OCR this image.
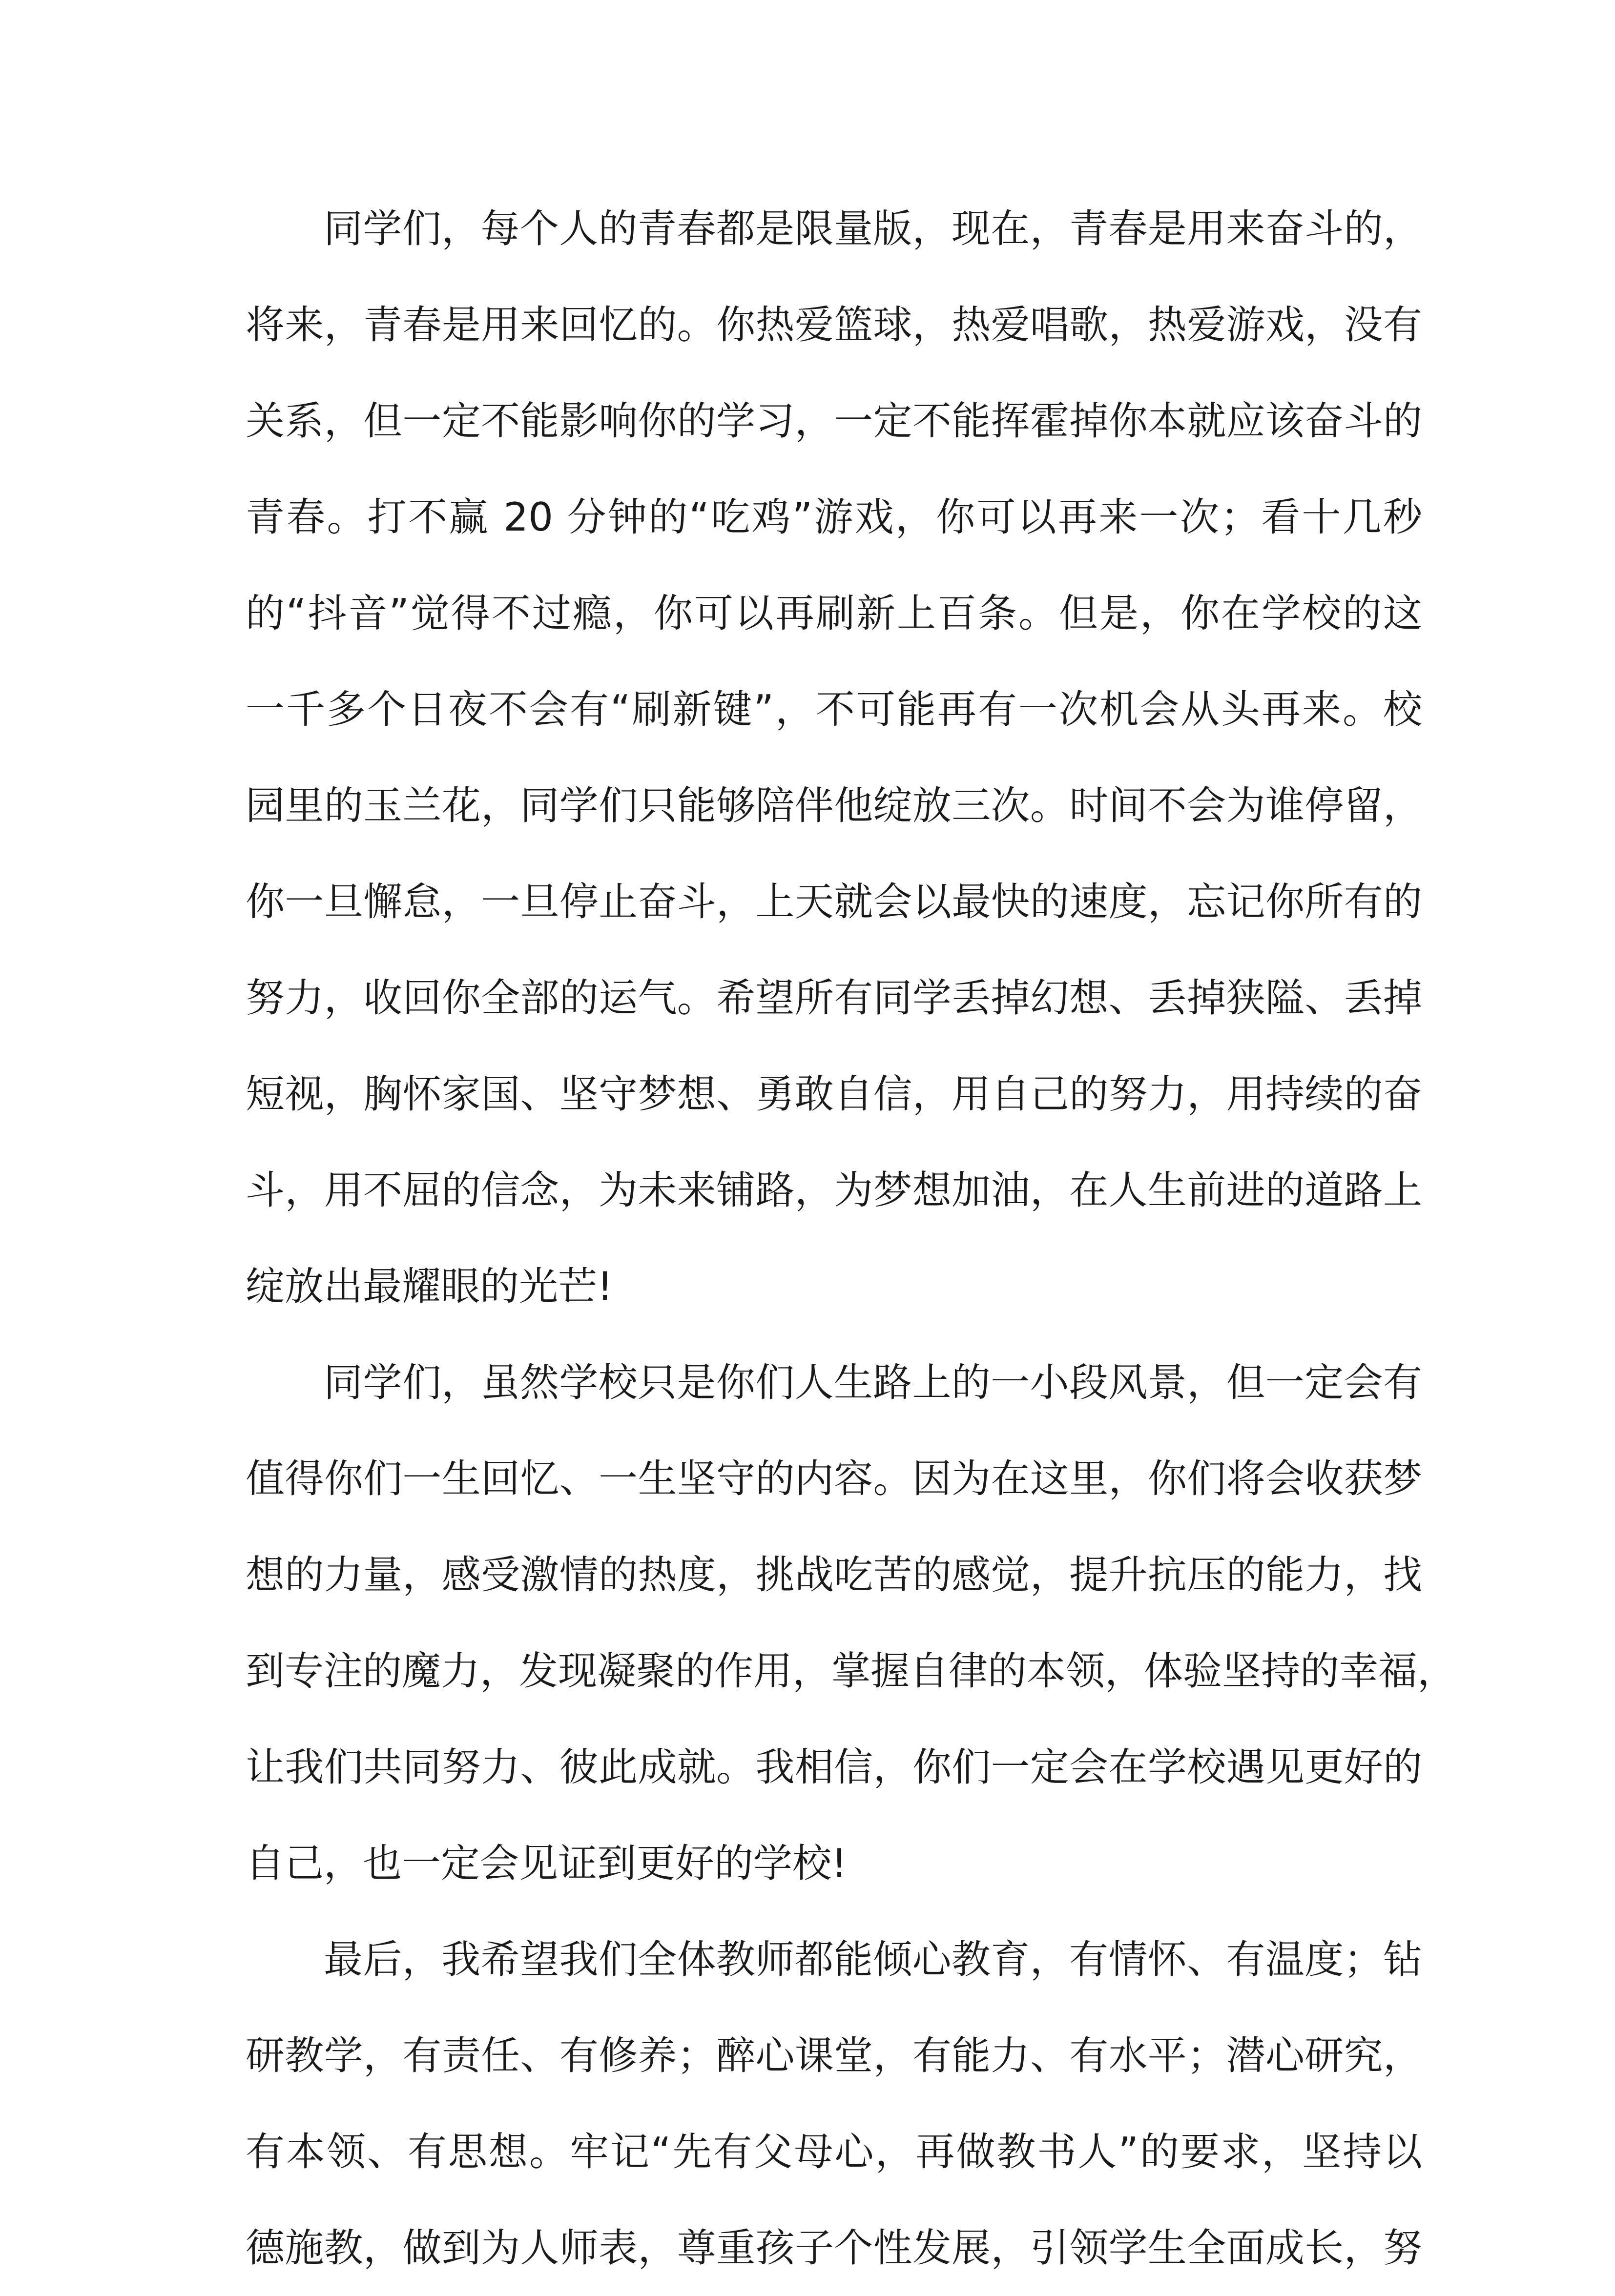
同学们，每个人的青春都是限量版，现在，青春是用来奋斗的，
将来，青春是用来回忆的。你热爱篮球，热爱唱歌，热爱游戏，没有
关系，但一定不能影响你的学习，一定不能挥霍掉你本就应该奋斗的
青春。打不赢 20 分钟的“吃鸡”游戏，你可以再来一次；看十几秒
的“抖音”觉得不过瘾，你可以再刷新上百条。但是，你在学校的这
一千多个日夜不会有“刷新键”，不可能再有一次机会从头再来。校
园里的玉兰花，同学们只能够陪伴他绽放三次。时间不会为谁停留，
你一旦懈怠，一旦停止奋斗，上天就会以最快的速度，忘记你所有的
努力，收回你全部的运气。希望所有同学丢掉幻想、丢掉狭隘、丢掉
短视，胸怀家国、坚守梦想、勇敢自信，用自己的努力，用持续的奋
斗，用不屈的信念，为未来铺路，为梦想加油，在人生前进的道路上
绽放出最耀眼的光芒!

同学们，虽然学校只是你们人生路上的一小段风景，但一定会有
值得你们一生回忆、一生坚守的内容。因为在这里，你们将会收获梦
想的力量，感受激情的热度，挑战吃苦的感觉，提升抗压的能力，找
到专注的魔力，发现凝聚的作用，掌握自律的本领，体验坚持的幸福，
让我们共同努力、彼此成就。我相信，你们一定会在学校遇见更好的
自己，也一定会见证到更好的学校!

最后，我希望我们全体教师都能倾心教育，有情怀、有温度；钻
研教学，有责任、有修养；醉心课堂，有能力、有水平；潜心研究，
有本领、有思想。牢记“先有父母心，再做教书人”的要求，坚持以
德施教，做到为人师表，尊重孩子个性发展，引领学生全面成长，努
